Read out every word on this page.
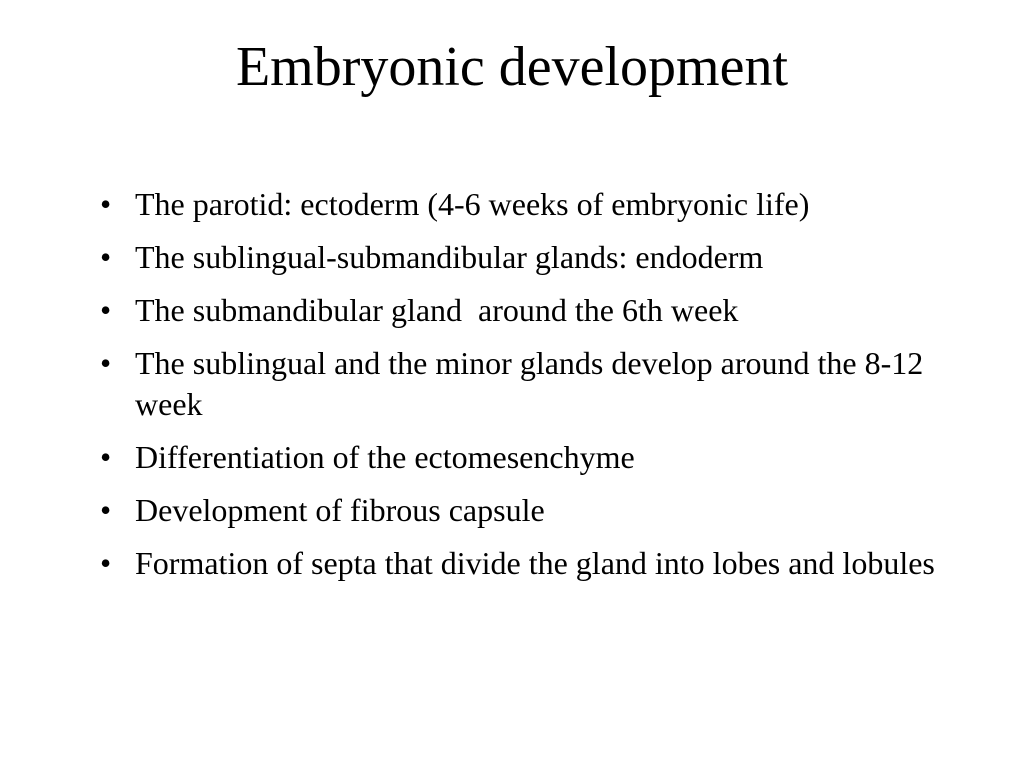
Embryonic development
• The parotid: ectoderm (4-6 weeks of embryonic life)
• The sublingual-submandibular glands: endoderm
• The submandibular gland  around the 6th week
• The sublingual and the minor glands develop around the 8-12 week
• Differentiation of the ectomesenchyme
• Development of fibrous capsule
• Formation of septa that divide the gland into lobes and lobules
